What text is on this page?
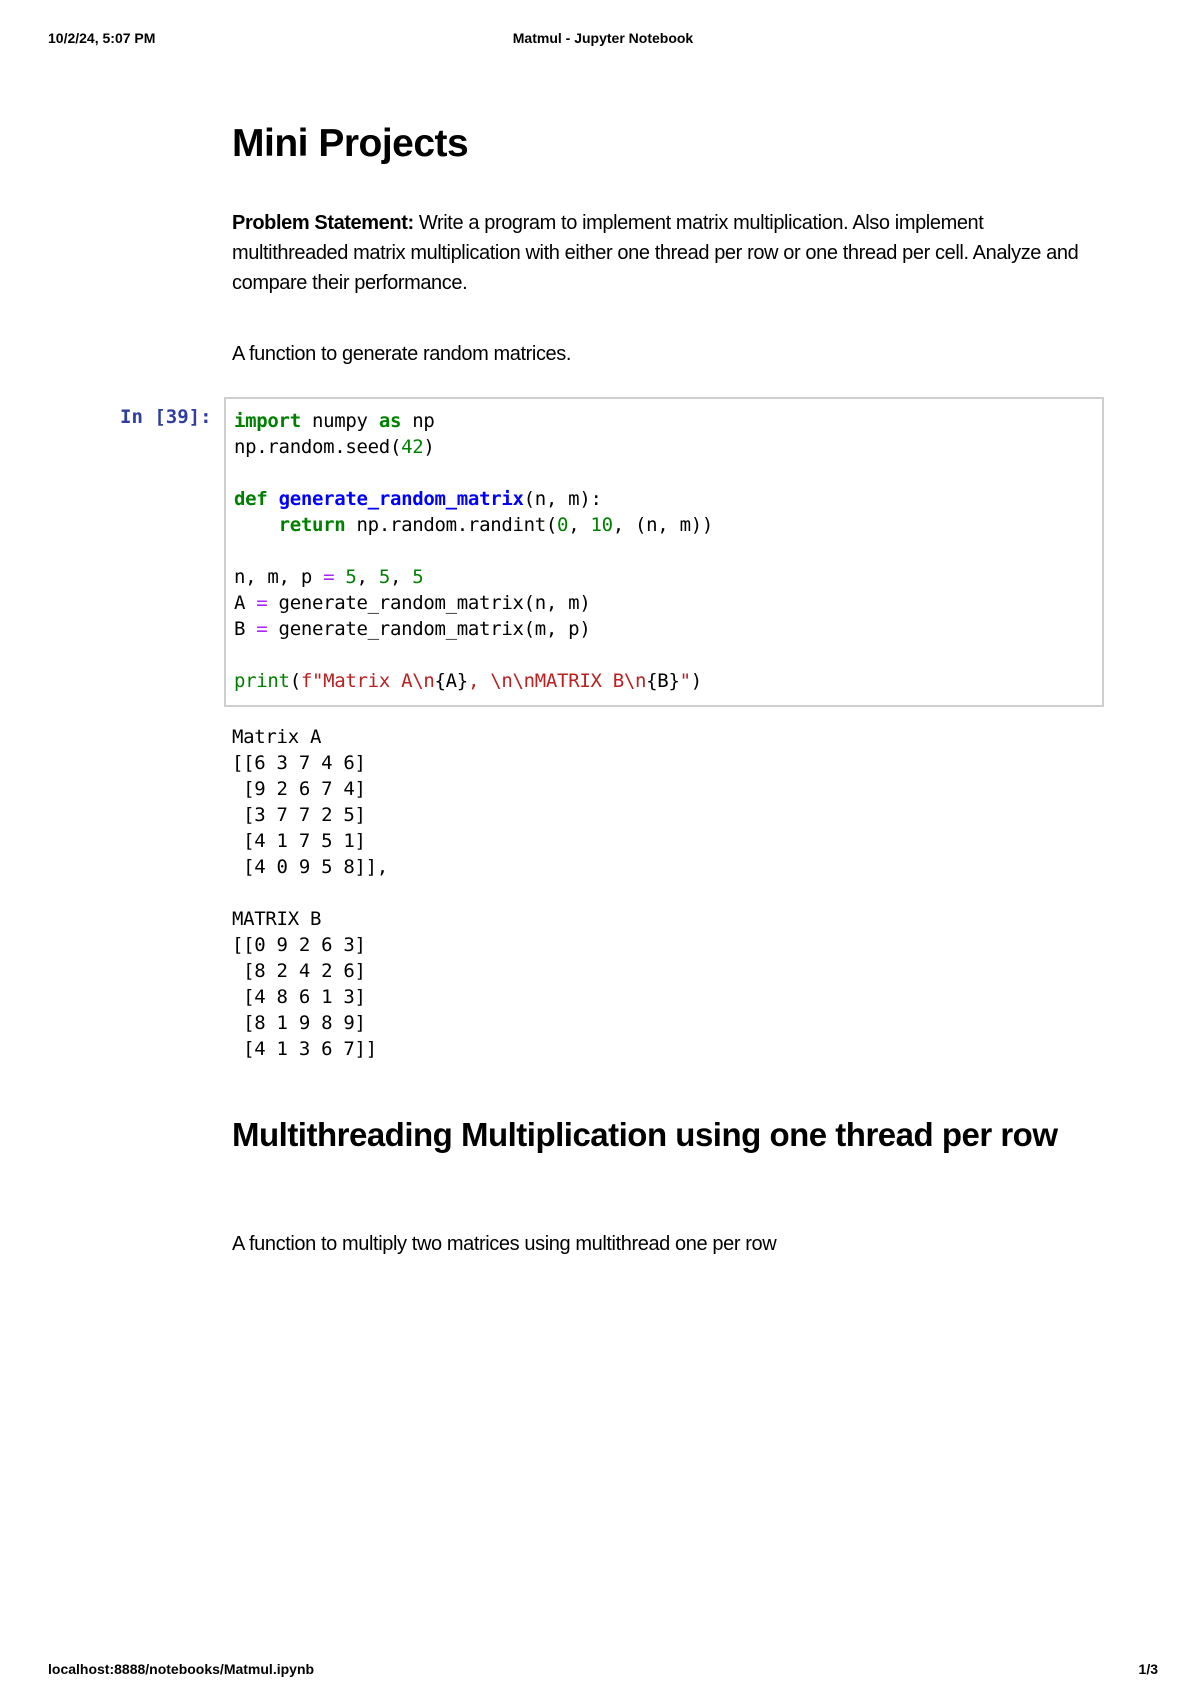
10/2/24, 5:07 PM	Matmul - Jupyter Notebook
Mini Projects

Problem Statement: Write a program to implement matrix multiplication. Also implement multithreaded matrix multiplication with either one thread per row or one thread per cell. Analyze and compare their performance.

A function to generate random matrices.

In [39]: import numpy as np
np.random.seed(42)

def generate_random_matrix(n, m):
return np.random.randint(0, 10, (n, m))

n, m, p = 5, 5, 5
A = generate_random_matrix(n, m)
B = generate_random_matrix(m, p)

print(f"Matrix A\n{A}, \n\nMATRIX B\n{B}")
Matrix A
[[6 3 7 4 6]
[9 2 6 7 4]
[3 7 7 2 5]
[4 1 7 5 1]
[4 0 9 5 8]],

MATRIX B
[[0 9 2 6 3]
[8 2 4 2 6]
[4 8 6 1 3]
[8 1 9 8 9]
[4 1 3 6 7]]
Multithreading Multiplication using one thread per row

A function to multiply two matrices using multithread one per row

localhost:8888/notebooks/Matmul.ipynb	1/3
